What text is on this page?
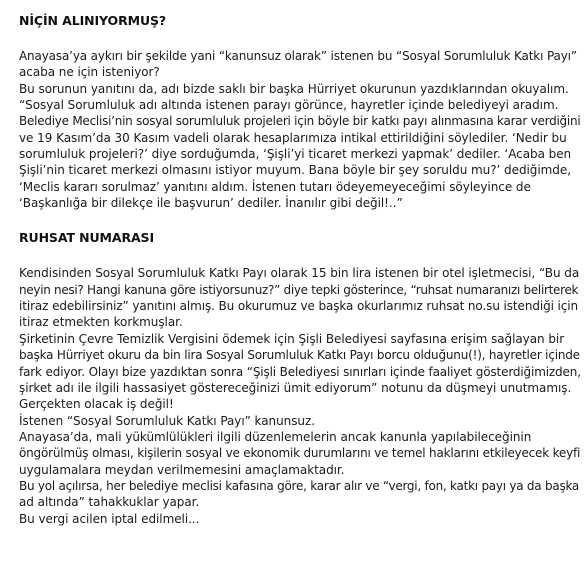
NİÇİN ALINIYORMUŞ?
Anayasa’ya aykırı bir şekilde yani “kanunsuz olarak” istenen bu “Sosyal Sorumluluk Katkı Payı”
acaba ne için isteniyor?
Bu sorunun yanıtını da, adı bizde saklı bir başka Hürriyet okurunun yazdıklarından okuyalım.
“Sosyal Sorumluluk adı altında istenen parayı görünce, hayretler içinde belediyeyi aradım.
Belediye Meclisi’nin sosyal sorumluluk projeleri için böyle bir katkı payı alınmasına karar verdiğini
ve 19 Kasım’da 30 Kasım vadeli olarak hesaplarımıza intikal ettirildiğini söylediler. ‘Nedir bu
sorumluluk projeleri?’ diye sorduğumda, ‘Şişli’yi ticaret merkezi yapmak’ dediler. ‘Acaba ben
Şişli’nin ticaret merkezi olmasını istiyor muyum. Bana böyle bir şey soruldu mu?’ dediğimde,
‘Meclis kararı sorulmaz’ yanıtını aldım. İstenen tutarı ödeyemeyeceğimi söyleyince de
‘Başkanlığa bir dilekçe ile başvurun’ dediler. İnanılır gibi değil!..”
RUHSAT NUMARASI
Kendisinden Sosyal Sorumluluk Katkı Payı olarak 15 bin lira istenen bir otel işletmecisi, “Bu da
neyin nesi? Hangi kanuna göre istiyorsunuz?” diye tepki gösterince, “ruhsat numaranızı belirterek
itiraz edebilirsiniz” yanıtını almış. Bu okurumuz ve başka okurlarımız ruhsat no.su istendiği için
itiraz etmekten korkmuşlar.
Şirketinin Çevre Temizlik Vergisini ödemek için Şişli Belediyesi sayfasına erişim sağlayan bir
başka Hürriyet okuru da bin lira Sosyal Sorumluluk Katkı Payı borcu olduğunu(!), hayretler içinde
fark ediyor. Olayı bize yazdıktan sonra “Şişli Belediyesi sınırları içinde faaliyet gösterdiğimizden,
şirket adı ile ilgili hassasiyet göstereceğinizi ümit ediyorum” notunu da düşmeyi unutmamış.
Gerçekten olacak iş değil!
İstenen “Sosyal Sorumluluk Katkı Payı” kanunsuz.
Anayasa’da, mali yükümlülükleri ilgili düzenlemelerin ancak kanunla yapılabileceğinin
öngörülmüş olması, kişilerin sosyal ve ekonomik durumlarını ve temel haklarını etkileyecek keyfi
uygulamalara meydan verilmemesini amaçlamaktadır.
Bu yol açılırsa, her belediye meclisi kafasına göre, karar alır ve “vergi, fon, katkı payı ya da başka
ad altında” tahakkuklar yapar.
Bu vergi acilen iptal edilmeli...
